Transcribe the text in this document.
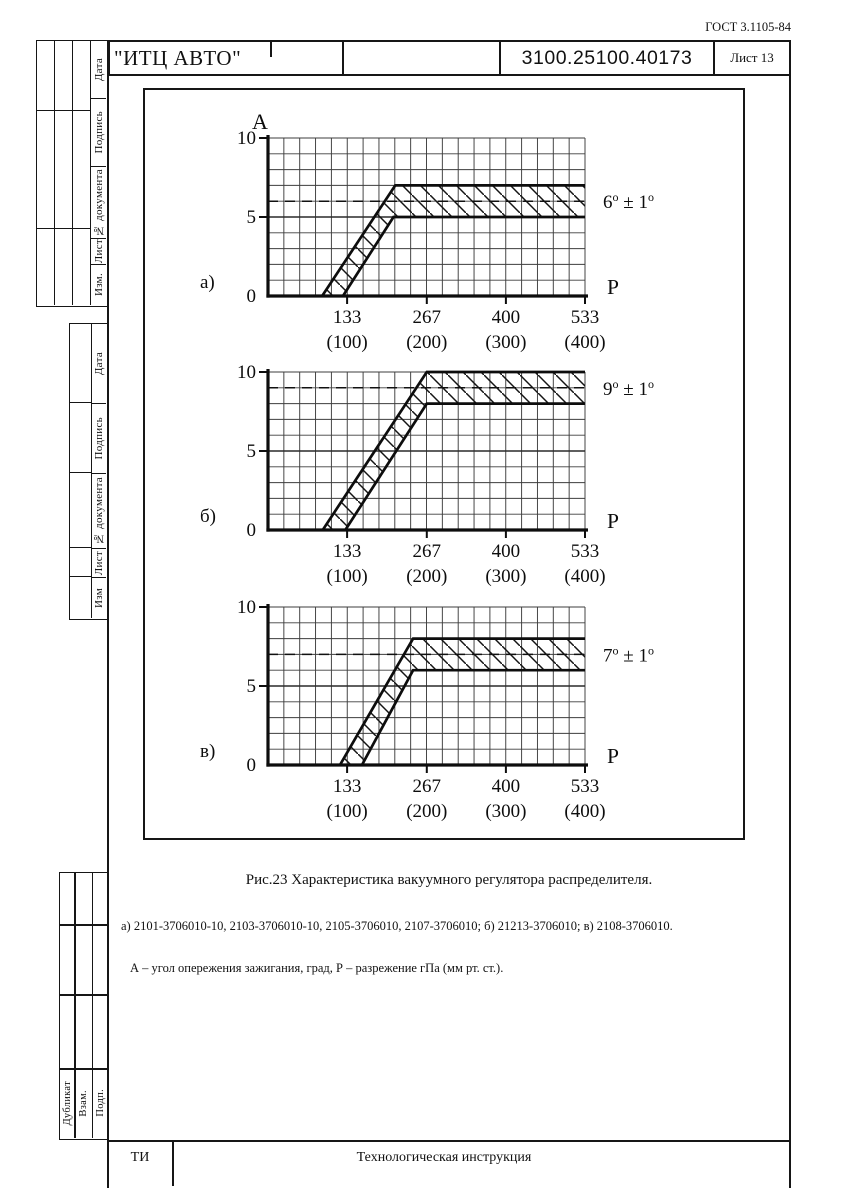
ГОСТ 3.1105-84
"ИТЦ АВТО"	3100.25100.40173	Лист 13
Дата
Подпись
№ документа
Лист
Изм.
Дата
Подпись
№ документа
Лист
Изм
Дубликат Взам. Подп.
0
5
10
133
(100)
267
(200)
400
(300)
533
(400)
P
A
а)
$6^o \pm 1^o$
0
5
10
133
(100)
267
(200)
400
(300)
533
(400)
P
б)
$9^o \pm 1^o$
0
5
10
133
(100)
267
(200)
400
(300)
533
(400)
P
в)
$7^o \pm 1^o$
Рис.23 Характеристика вакуумного регулятора распределителя.
а) 2101-3706010-10, 2103-3706010-10, 2105-3706010, 2107-3706010; б) 21213-3706010; в) 2108-3706010.
А – угол опережения зажигания, град, Р – разрежение гПа (мм рт. ст.).
ТИ	Технологическая инструкция
